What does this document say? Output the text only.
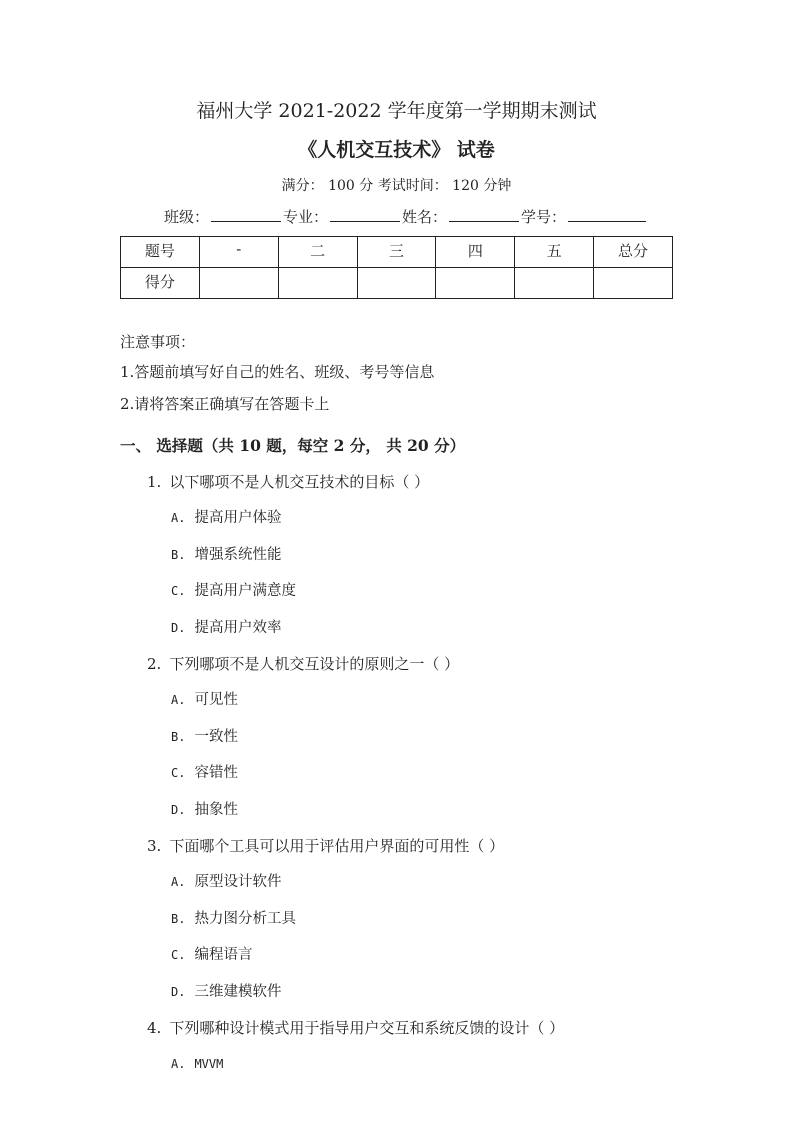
福州大学 2021-2022 学年度第一学期期末测试
《人机交互技术》 试卷
满分： 100 分 考试时间： 120 分钟
班级：	专业：	姓名：	学号：
题号	-	二	三	四	五	总分
得分						
注意事项：
1.答题前填写好自己的姓名、班级、考号等信息
2.请将答案正确填写在答题卡上
一、 选择题（共 10 题，每空 2 分， 共 20 分）
1. 以下哪项不是人机交互技术的目标（ ）
A. 提高用户体验
B. 增强系统性能
C. 提高用户满意度
D. 提高用户效率
2. 下列哪项不是人机交互设计的原则之一（ ）
A. 可见性
B. 一致性
C. 容错性
D. 抽象性
3. 下面哪个工具可以用于评估用户界面的可用性（ ）
A. 原型设计软件
B. 热力图分析工具
C. 编程语言
D. 三维建模软件
4. 下列哪种设计模式用于指导用户交互和系统反馈的设计（ ）
A. MVVM
